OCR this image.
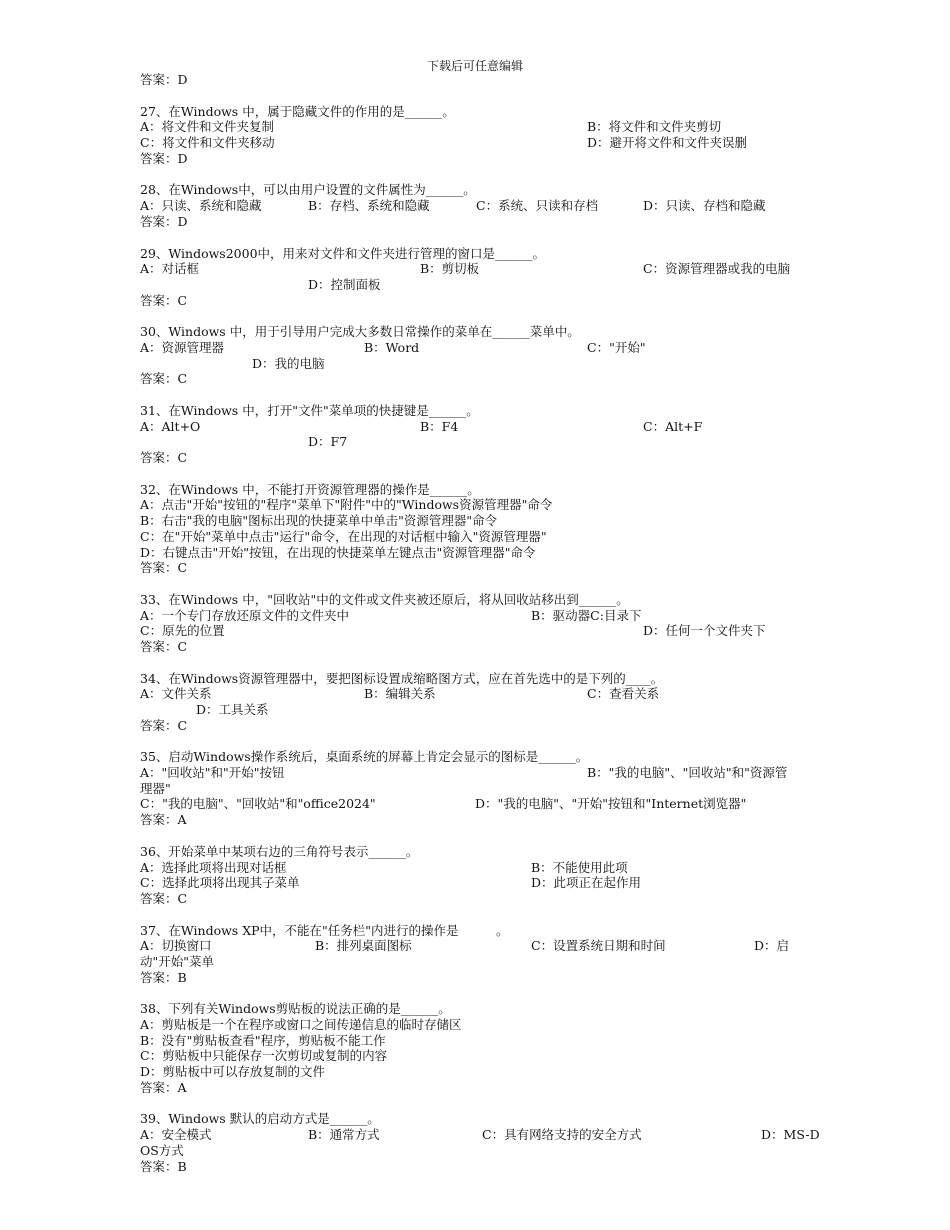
下载后可任意编辑
答案：D
27、在Windows 中，属于隐藏文件的作用的是______。
A：将文件和文件夹复制	B：将文件和文件夹剪切
C：将文件和文件夹移动	D：避开将文件和文件夹误删
答案：D
28、在Windows中，可以由用户设置的文件属性为______。
A：只读、系统和隐藏	B：存档、系统和隐藏	C：系统、只读和存档	D：只读、存档和隐藏
答案：D
29、Windows2000中，用来对文件和文件夹进行管理的窗口是______。
A：对话框	B：剪切板	C：资源管理器或我的电脑
D：控制面板
答案：C
30、Windows 中，用于引导用户完成大多数日常操作的菜单在______菜单中。
A：资源管理器	B：Word	C："开始"
D：我的电脑
答案：C
31、在Windows 中，打开"文件"菜单项的快捷键是______。
A：Alt+O	B：F4	C：Alt+F
D：F7
答案：C
32、在Windows 中，不能打开资源管理器的操作是______。
A：点击"开始"按钮的"程序"菜单下"附件"中的"Windows资源管理器"命令
B：右击"我的电脑"图标出现的快捷菜单中单击"资源管理器"命令
C：在"开始"菜单中点击"运行"命令，在出现的对话框中输入"资源管理器"
D：右键点击"开始"按钮，在出现的快捷菜单左键点击"资源管理器"命令
答案：C
33、在Windows 中，"回收站"中的文件或文件夹被还原后，将从回收站移出到______。
A：一个专门存放还原文件的文件夹中	B：驱动器C:目录下
C：原先的位置	D：任何一个文件夹下
答案：C
34、在Windows资源管理器中，要把图标设置成缩略图方式，应在首先选中的是下列的____。
A：文件关系	B：编辑关系	C：查看关系
D：工具关系
答案：C
35、启动Windows操作系统后，桌面系统的屏幕上肯定会显示的图标是______。
A："回收站"和"开始"按钮	B："我的电脑"、"回收站"和"资源管
理器"
C："我的电脑"、"回收站"和"office2024"	D："我的电脑"、"开始"按钮和"Internet浏览器"
答案：A
36、开始菜单中某项右边的三角符号表示______。
A：选择此项将出现对话框	B：不能使用此项
C：选择此项将出现其子菜单	D：此项正在起作用
答案：C
37、在Windows XP中，不能在"任务栏"内进行的操作是　　　。
A：切换窗口	B：排列桌面图标	C：设置系统日期和时间	D：启
动"开始"菜单
答案：B
38、下列有关Windows剪贴板的说法正确的是______。
A：剪贴板是一个在程序或窗口之间传递信息的临时存储区
B：没有"剪贴板查看"程序，剪贴板不能工作
C：剪贴板中只能保存一次剪切或复制的内容
D：剪贴板中可以存放复制的文件
答案：A
39、Windows 默认的启动方式是______。
A：安全模式	B：通常方式	C：具有网络支持的安全方式	D：MS-D
OS方式
答案：B
